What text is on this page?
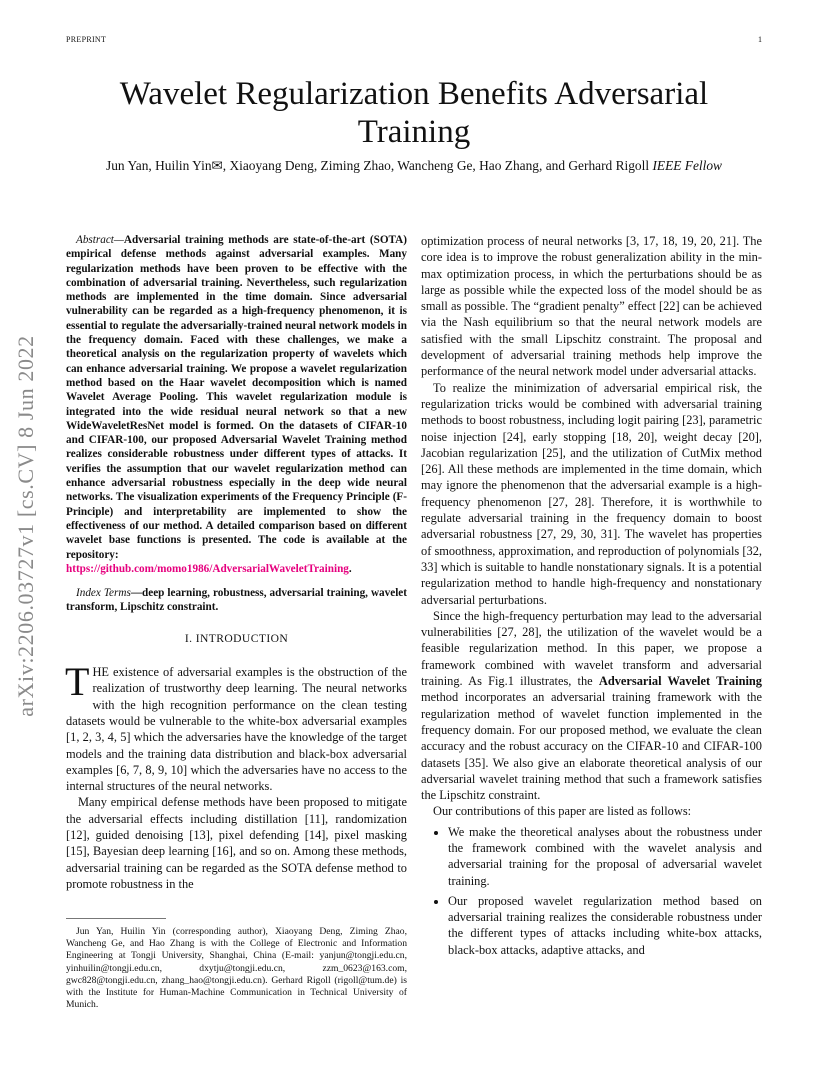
PREPRINT	1
arXiv:2206.03727v1 [cs.CV] 8 Jun 2022
Wavelet Regularization Benefits Adversarial Training
Jun Yan, Huilin Yin✉, Xiaoyang Deng, Ziming Zhao, Wancheng Ge, Hao Zhang, and Gerhard Rigoll IEEE Fellow

Abstract—Adversarial training methods are state-of-the-art (SOTA) empirical defense methods against adversarial examples. Many regularization methods have been proven to be effective with the combination of adversarial training. Nevertheless, such regularization methods are implemented in the time domain. Since adversarial vulnerability can be regarded as a high-frequency phenomenon, it is essential to regulate the adversarially-trained neural network models in the frequency domain. Faced with these challenges, we make a theoretical analysis on the regularization property of wavelets which can enhance adversarial training. We propose a wavelet regularization method based on the Haar wavelet decomposition which is named Wavelet Average Pooling. This wavelet regularization module is integrated into the wide residual neural network so that a new WideWaveletResNet model is formed. On the datasets of CIFAR-10 and CIFAR-100, our proposed Adversarial Wavelet Training method realizes considerable robustness under different types of attacks. It verifies the assumption that our wavelet regularization method can enhance adversarial robustness especially in the deep wide neural networks. The visualization experiments of the Frequency Principle (F-Principle) and interpretability are implemented to show the effectiveness of our method. A detailed comparison based on different wavelet base functions is presented. The code is available at the repository: https://github.com/momo1986/AdversarialWaveletTraining.

Index Terms—deep learning, robustness, adversarial training, wavelet transform, Lipschitz constraint.

I. INTRODUCTION

THE existence of adversarial examples is the obstruction of the realization of trustworthy deep learning. The neural networks with the high recognition performance on the clean testing datasets would be vulnerable to the white-box adversarial examples [1, 2, 3, 4, 5] which the adversaries have the knowledge of the target models and the training data distribution and black-box adversarial examples [6, 7, 8, 9, 10] which the adversaries have no access to the internal structures of the neural networks.

Many empirical defense methods have been proposed to mitigate the adversarial effects including distillation [11], randomization [12], guided denoising [13], pixel defending [14], pixel masking [15], Bayesian deep learning [16], and so on. Among these methods, adversarial training can be regarded as the SOTA defense method to promote robustness in the

Jun Yan, Huilin Yin (corresponding author), Xiaoyang Deng, Ziming Zhao, Wancheng Ge, and Hao Zhang is with the College of Electronic and Information Engineering at Tongji University, Shanghai, China (E-mail: yanjun@tongji.edu.cn, yinhuilin@tongji.edu.cn, dxytju@tongji.edu.cn, zzm_0623@163.com, gwc828@tongji.edu.cn, zhang_hao@tongji.edu.cn). Gerhard Rigoll (rigoll@tum.de) is with the Institute for Human-Machine Communication in Technical University of Munich.

optimization process of neural networks [3, 17, 18, 19, 20, 21]. The core idea is to improve the robust generalization ability in the min-max optimization process, in which the perturbations should be as large as possible while the expected loss of the model should be as small as possible. The “gradient penalty” effect [22] can be achieved via the Nash equilibrium so that the neural network models are satisfied with the small Lipschitz constraint. The proposal and development of adversarial training methods help improve the performance of the neural network model under adversarial attacks.

To realize the minimization of adversarial empirical risk, the regularization tricks would be combined with adversarial training methods to boost robustness, including logit pairing [23], parametric noise injection [24], early stopping [18, 20], weight decay [20], Jacobian regularization [25], and the utilization of CutMix method [26]. All these methods are implemented in the time domain, which may ignore the phenomenon that the adversarial example is a high-frequency phenomenon [27, 28]. Therefore, it is worthwhile to regulate adversarial training in the frequency domain to boost adversarial robustness [27, 29, 30, 31]. The wavelet has properties of smoothness, approximation, and reproduction of polynomials [32, 33] which is suitable to handle nonstationary signals. It is a potential regularization method to handle high-frequency and nonstationary adversarial perturbations.

Since the high-frequency perturbation may lead to the adversarial vulnerabilities [27, 28], the utilization of the wavelet would be a feasible regularization method. In this paper, we propose a framework combined with wavelet transform and adversarial training. As Fig.1 illustrates, the Adversarial Wavelet Training method incorporates an adversarial training framework with the regularization method of wavelet function implemented in the frequency domain. For our proposed method, we evaluate the clean accuracy and the robust accuracy on the CIFAR-10 and CIFAR-100 datasets [35]. We also give an elaborate theoretical analysis of our adversarial wavelet training method that such a framework satisfies the Lipschitz constraint.

Our contributions of this paper are listed as follows:

• We make the theoretical analyses about the robustness under the framework combined with the wavelet analysis and adversarial training for the proposal of adversarial wavelet training.
• Our proposed wavelet regularization method based on adversarial training realizes the considerable robustness under the different types of attacks including white-box attacks, black-box attacks, adaptive attacks, and
